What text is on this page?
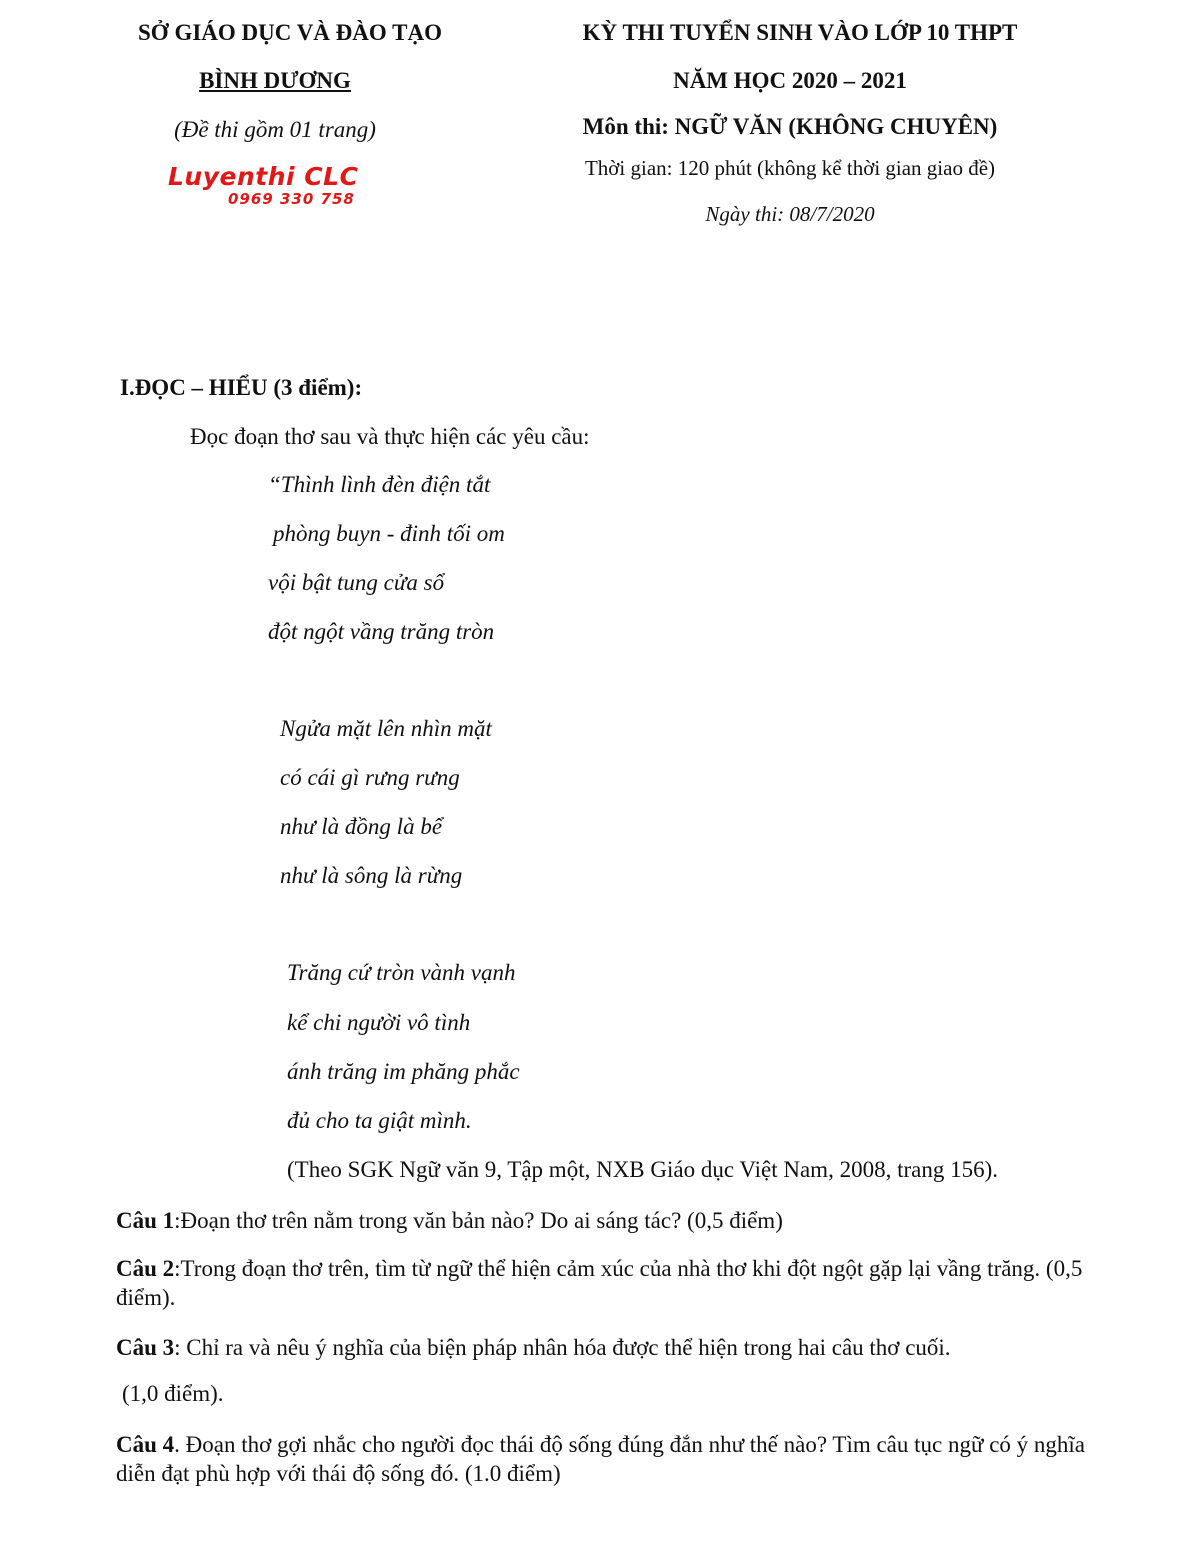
SỞ GIÁO DỤC VÀ ĐÀO TẠO
BÌNH DƯƠNG
(Đề thi gồm 01 trang)
Luyenthi CLC
0969 330 758
KỲ THI TUYỂN SINH VÀO LỚP 10 THPT
NĂM HỌC 2020 – 2021
Môn thi: NGỮ VĂN (KHÔNG CHUYÊN)
Thời gian: 120 phút (không kể thời gian giao đề)
Ngày thi: 08/7/2020
I.ĐỌC – HIỂU (3 điểm):
Đọc đoạn thơ sau và thực hiện các yêu cầu:
“Thình lình đèn điện tắt
phòng buyn - đinh tối om
vội bật tung cửa sổ
đột ngột vầng trăng tròn
Ngửa mặt lên nhìn mặt
có cái gì rưng rưng
như là đồng là bể
như là sông là rừng
Trăng cứ tròn vành vạnh
kể chi người vô tình
ánh trăng im phăng phắc
đủ cho ta giật mình.
(Theo SGK Ngữ văn 9, Tập một, NXB Giáo dục Việt Nam, 2008, trang 156).
Câu 1:Đoạn thơ trên nằm trong văn bản nào? Do ai sáng tác? (0,5 điểm)
Câu 2:Trong đoạn thơ trên, tìm từ ngữ thể hiện cảm xúc của nhà thơ khi đột ngột gặp lại vầng trăng. (0,5 điểm).
Câu 3: Chỉ ra và nêu ý nghĩa của biện pháp nhân hóa được thể hiện trong hai câu thơ cuối.
(1,0 điểm).
Câu 4. Đoạn thơ gợi nhắc cho người đọc thái độ sống đúng đắn như thế nào? Tìm câu tục ngữ có ý nghĩa diễn đạt phù hợp với thái độ sống đó. (1.0 điểm)
